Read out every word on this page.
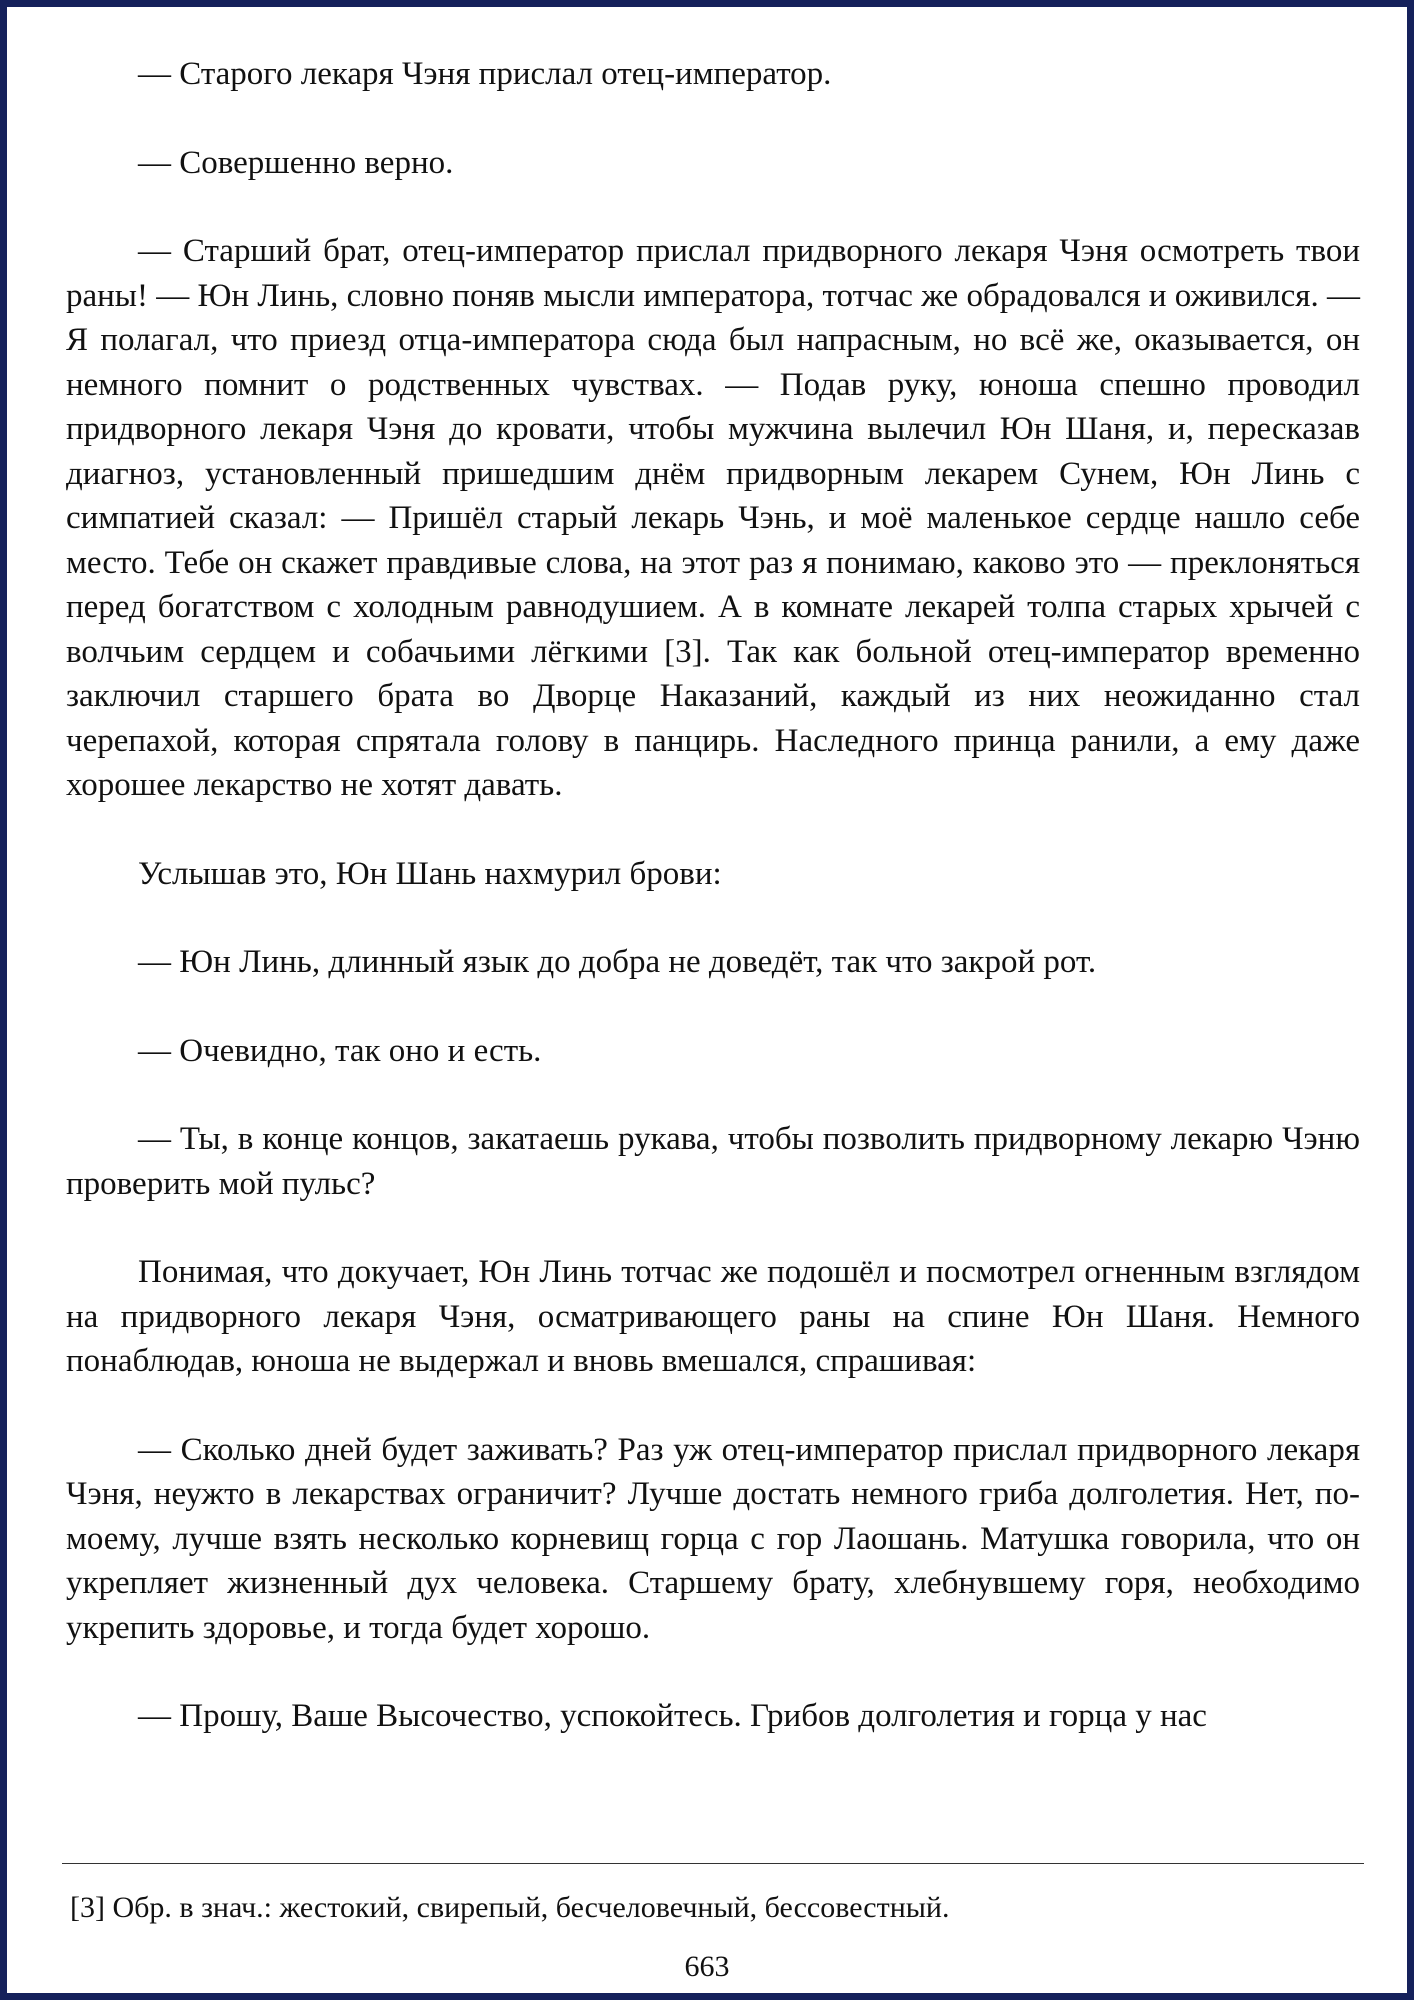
— Старого лекаря Чэня прислал отец-император.

— Совершенно верно.

— Старший брат, отец-император прислал придворного лекаря Чэня осмотреть твои раны! — Юн Линь, словно поняв мысли императора, тотчас же обрадовался и оживился. — Я полагал, что приезд отца-императора сюда был напрасным, но всё же, оказывается, он немного помнит о родственных чувствах. — Подав руку, юноша спешно проводил придворного лекаря Чэня до кровати, чтобы мужчина вылечил Юн Шаня, и, пересказав диагноз, установленный пришедшим днём придворным лекарем Сунем, Юн Линь с симпатией сказал: — Пришёл старый лекарь Чэнь, и моё маленькое сердце нашло себе место. Тебе он скажет правдивые слова, на этот раз я понимаю, каково это — преклоняться перед богатством с холодным равнодушием. А в комнате лекарей толпа старых хрычей с волчьим сердцем и собачьими лёгкими [3]. Так как больной отец-император временно заключил старшего брата во Дворце Наказаний, каждый из них неожиданно стал черепахой, которая спрятала голову в панцирь. Наследного принца ранили, а ему даже хорошее лекарство не хотят давать.

Услышав это, Юн Шань нахмурил брови:

— Юн Линь, длинный язык до добра не доведёт, так что закрой рот.

— Очевидно, так оно и есть.

— Ты, в конце концов, закатаешь рукава, чтобы позволить придворному лекарю Чэню проверить мой пульс?

Понимая, что докучает, Юн Линь тотчас же подошёл и посмотрел огненным взглядом на придворного лекаря Чэня, осматривающего раны на спине Юн Шаня. Немного понаблюдав, юноша не выдержал и вновь вмешался, спрашивая:

— Сколько дней будет заживать? Раз уж отец-император прислал придворного лекаря Чэня, неужто в лекарствах ограничит? Лучше достать немного гриба долголетия. Нет, по-моему, лучше взять несколько корневищ горца с гор Лаошань. Матушка говорила, что он укрепляет жизненный дух человека. Старшему брату, хлебнувшему горя, необходимо укрепить здоровье, и тогда будет хорошо.

— Прошу, Ваше Высочество, успокойтесь. Грибов долголетия и горца у нас

[3] Обр. в знач.: жестокий, свирепый, бесчеловечный, бессовестный.
663
